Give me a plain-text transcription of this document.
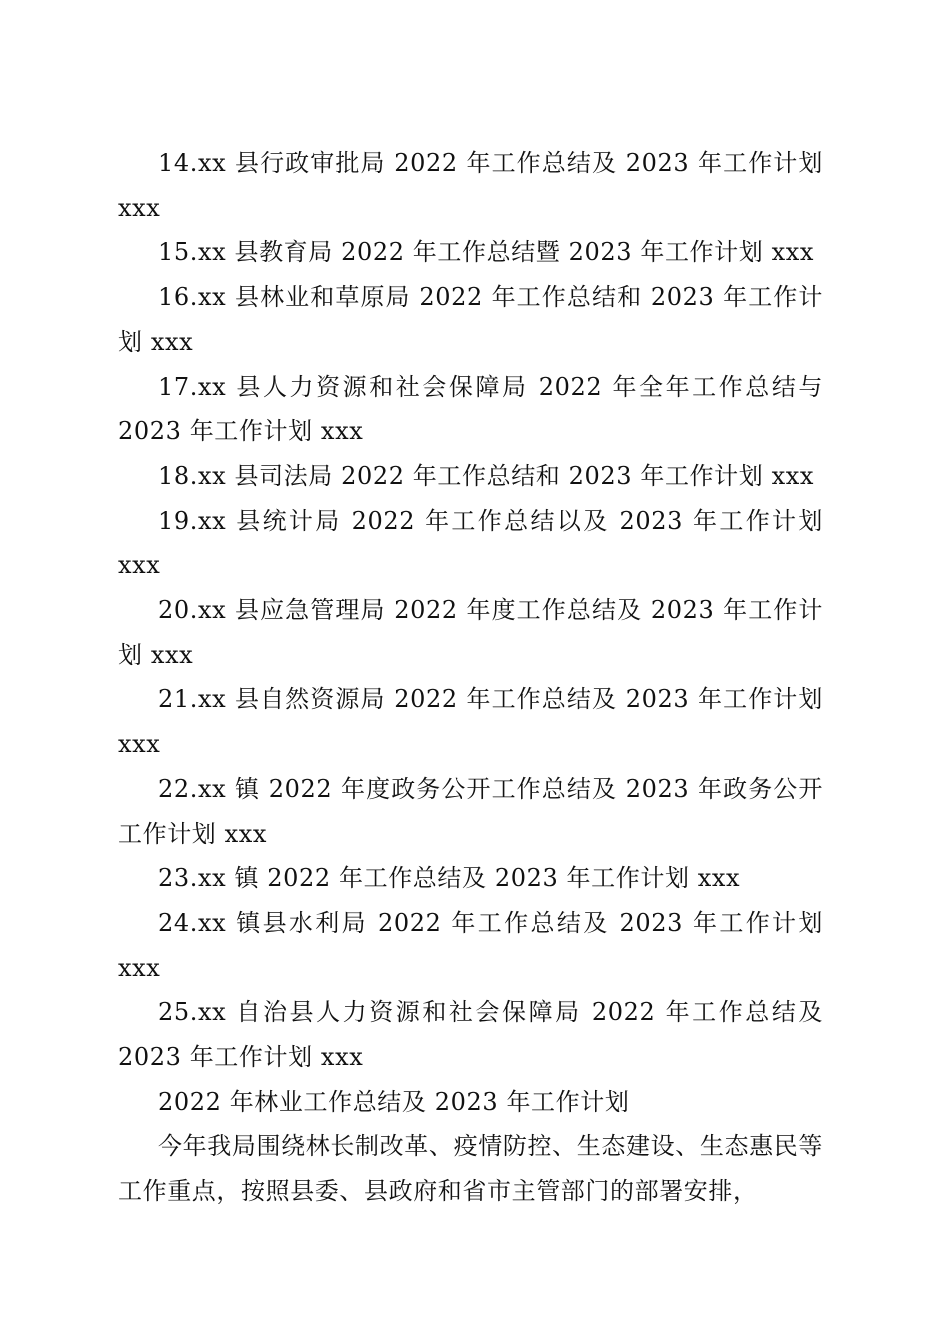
14.xx 县行政审批局 2022 年工作总结及 2023 年工作计划 xxx

15.xx 县教育局 2022 年工作总结暨 2023 年工作计划 xxx

16.xx 县林业和草原局 2022 年工作总结和 2023 年工作计划 xxx

17.xx 县人力资源和社会保障局 2022 年全年工作总结与 2023 年工作计划 xxx

18.xx 县司法局 2022 年工作总结和 2023 年工作计划 xxx

19.xx 县统计局 2022 年工作总结以及 2023 年工作计划 xxx

20.xx 县应急管理局 2022 年度工作总结及 2023 年工作计划 xxx

21.xx 县自然资源局 2022 年工作总结及 2023 年工作计划 xxx

22.xx 镇 2022 年度政务公开工作总结及 2023 年政务公开工作计划 xxx

23.xx 镇 2022 年工作总结及 2023 年工作计划 xxx

24.xx 镇县水利局 2022 年工作总结及 2023 年工作计划 xxx

25.xx 自治县人力资源和社会保障局 2022 年工作总结及 2023 年工作计划 xxx

2022 年林业工作总结及 2023 年工作计划

今年我局围绕林长制改革、疫情防控、生态建设、生态惠民等工作重点，按照县委、县政府和省市主管部门的部署安排，
